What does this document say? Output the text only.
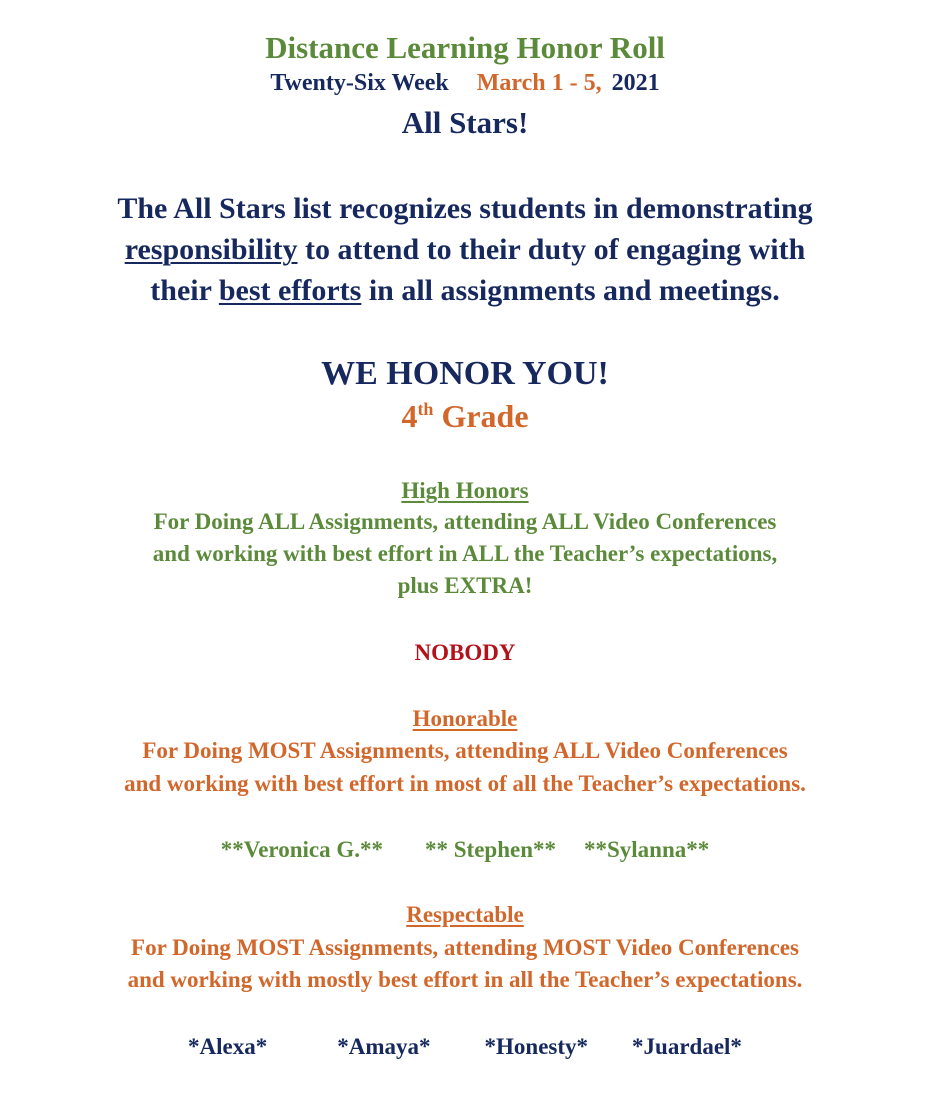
Distance Learning Honor Roll
Twenty-Six Week March 1 - 5, 2021
All Stars!
The All Stars list recognizes students in demonstrating
responsibility to attend to their duty of engaging with
their best efforts in all assignments and meetings.
WE HONOR YOU!
4th Grade
High Honors
For Doing ALL Assignments, attending ALL Video Conferences
and working with best effort in ALL the Teacher’s expectations,
plus EXTRA!
NOBODY
Honorable
For Doing MOST Assignments, attending ALL Video Conferences
and working with best effort in most of all the Teacher’s expectations.
**Veronica G.** ** Stephen** **Sylanna**
Respectable
For Doing MOST Assignments, attending MOST Video Conferences
and working with mostly best effort in all the Teacher’s expectations.
*Alexa*	*Amaya* *Honesty* *Juardael*
